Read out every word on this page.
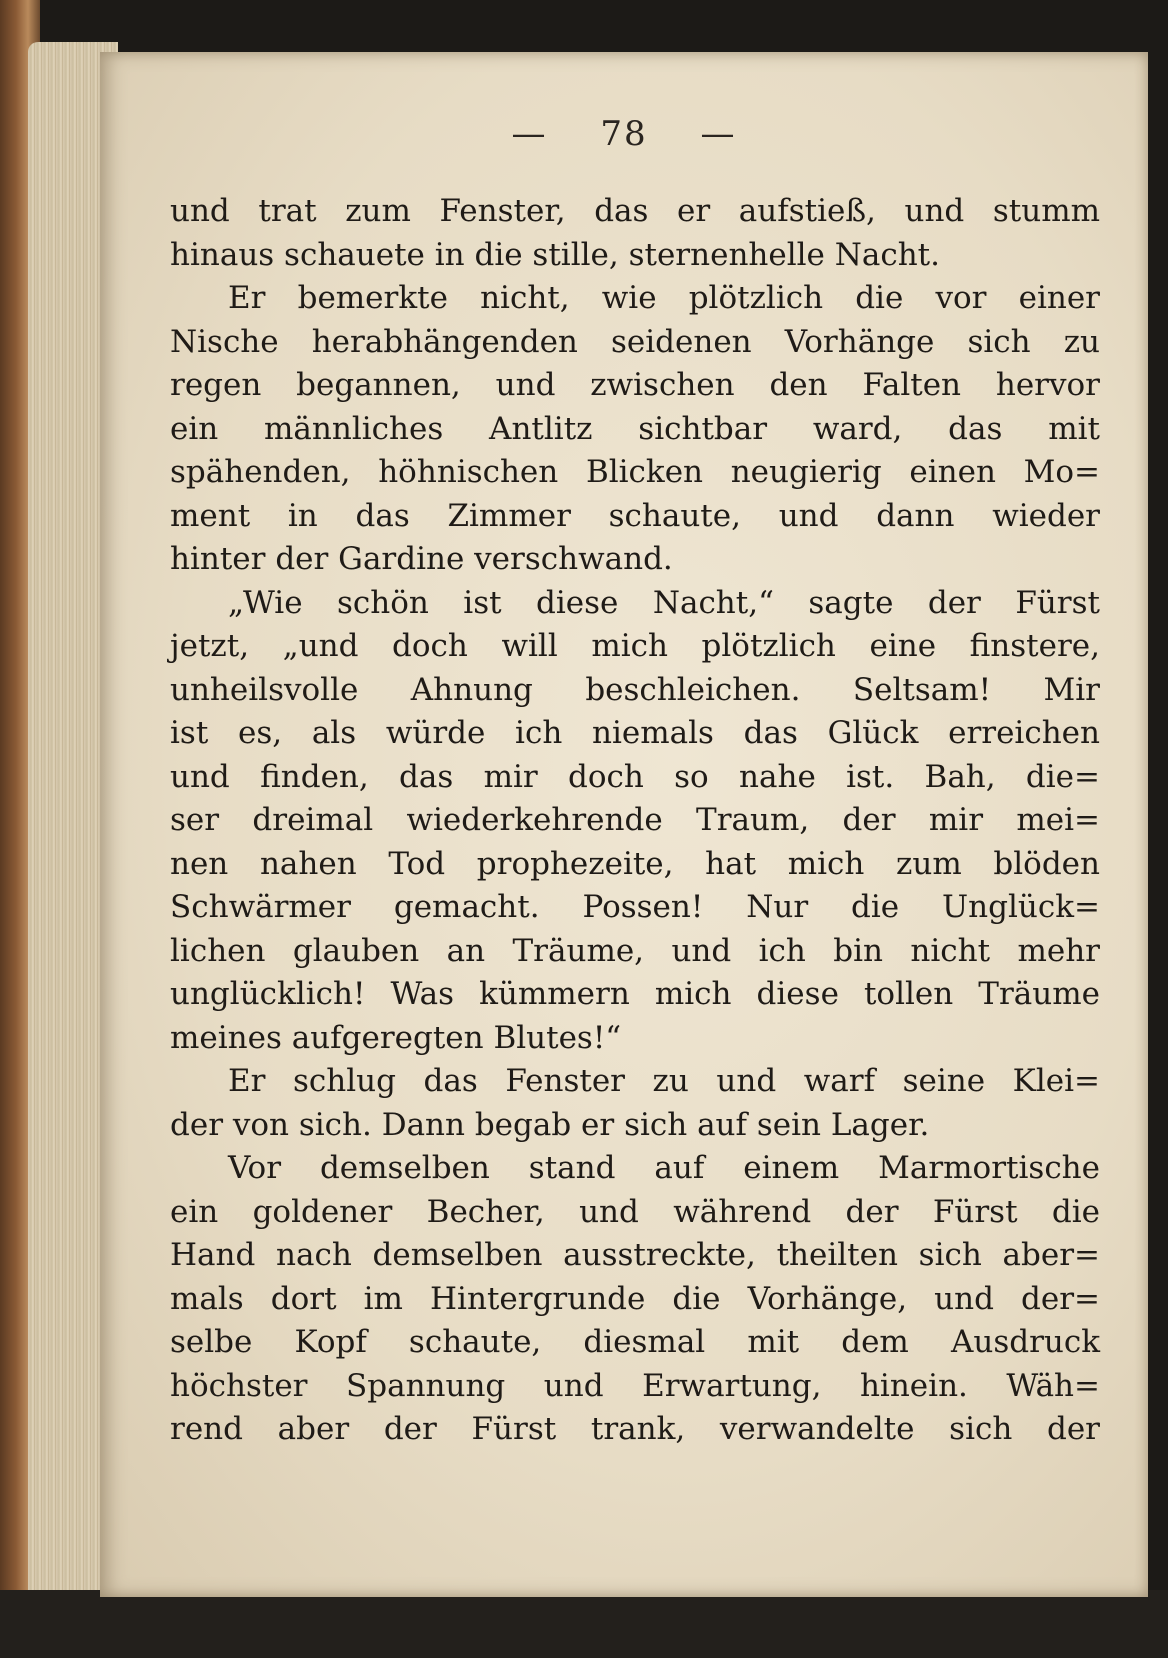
— 78 —
und trat zum Fenster, das er aufstieß, und stumm
hinaus schauete in die stille, sternenhelle Nacht.
Er bemerkte nicht, wie plötzlich die vor einer
Nische herabhängenden seidenen Vorhänge sich zu
regen begannen, und zwischen den Falten hervor
ein männliches Antlitz sichtbar ward, das mit
spähenden, höhnischen Blicken neugierig einen Mo=
ment in das Zimmer schaute, und dann wieder
hinter der Gardine verschwand.
„Wie schön ist diese Nacht,“ sagte der Fürst
jetzt, „und doch will mich plötzlich eine finstere,
unheilsvolle Ahnung beschleichen. Seltsam! Mir
ist es, als würde ich niemals das Glück erreichen
und finden, das mir doch so nahe ist. Bah, die=
ser dreimal wiederkehrende Traum, der mir mei=
nen nahen Tod prophezeite, hat mich zum blöden
Schwärmer gemacht. Possen! Nur die Unglück=
lichen glauben an Träume, und ich bin nicht mehr
unglücklich! Was kümmern mich diese tollen Träume
meines aufgeregten Blutes!“
Er schlug das Fenster zu und warf seine Klei=
der von sich. Dann begab er sich auf sein Lager.
Vor demselben stand auf einem Marmortische
ein goldener Becher, und während der Fürst die
Hand nach demselben ausstreckte, theilten sich aber=
mals dort im Hintergrunde die Vorhänge, und der=
selbe Kopf schaute, diesmal mit dem Ausdruck
höchster Spannung und Erwartung, hinein. Wäh=
rend aber der Fürst trank, verwandelte sich der
